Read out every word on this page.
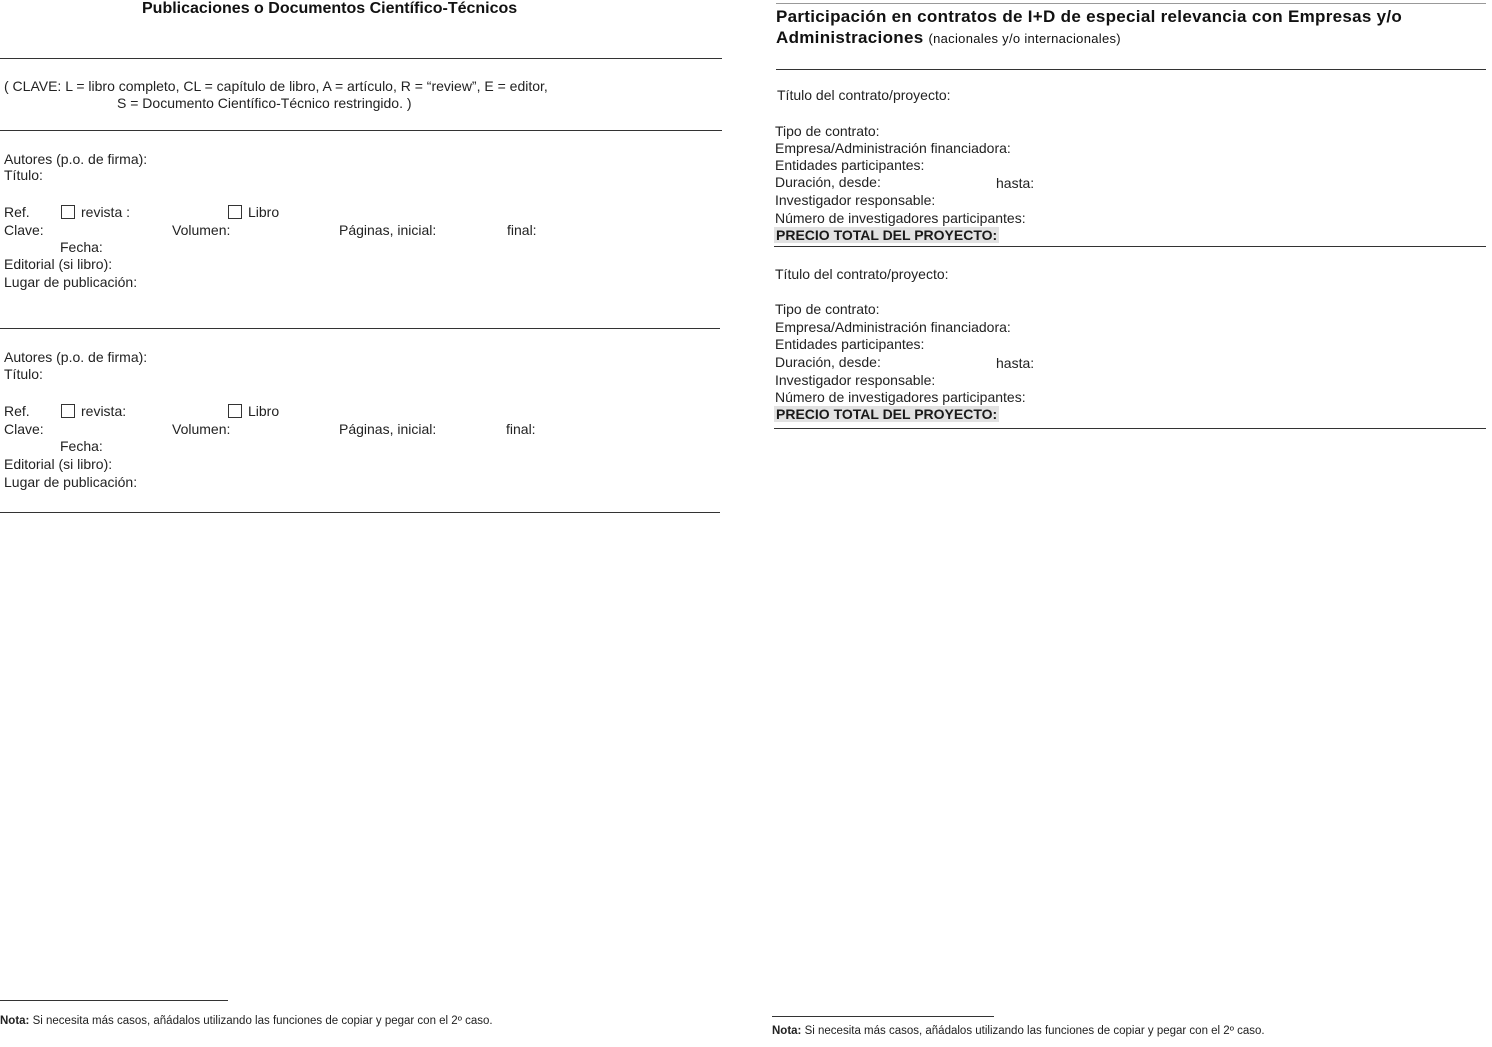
Publicaciones o Documentos Científico-Técnicos
( CLAVE: L = libro completo, CL = capítulo de libro, A = artículo, R = “review”, E = editor,
S = Documento Científico-Técnico restringido. )
Autores (p.o. de firma):
Título:
Ref.	revista :	Libro
Clave:	Volumen:	Páginas, inicial:	final:
Fecha:
Editorial (si libro):
Lugar de publicación:
Autores (p.o. de firma):
Título:
Ref.	revista:	Libro
Clave:	Volumen:	Páginas, inicial:	final:
Fecha:
Editorial (si libro):
Lugar de publicación:
Nota: Si necesita más casos, añádalos utilizando las funciones de copiar y pegar con el 2º caso.
Participación en contratos de I+D de especial relevancia con Empresas y/o
Administraciones (nacionales y/o internacionales)
Título del contrato/proyecto:
Tipo de contrato:
Empresa/Administración financiadora:
Entidades participantes:
Duración, desde:	hasta:
Investigador responsable:
Número de investigadores participantes:
PRECIO TOTAL DEL PROYECTO:
Título del contrato/proyecto:
Tipo de contrato:
Empresa/Administración financiadora:
Entidades participantes:
Duración, desde:	hasta:
Investigador responsable:
Número de investigadores participantes:
PRECIO TOTAL DEL PROYECTO:
Nota: Si necesita más casos, añádalos utilizando las funciones de copiar y pegar con el 2º caso.
